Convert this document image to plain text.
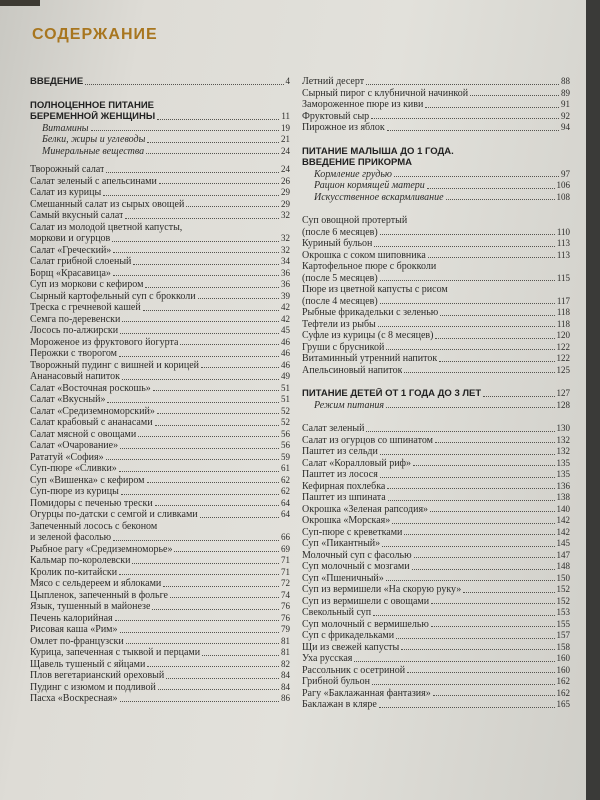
СОДЕРЖАНИЕ
ВВЕДЕНИЕ	4
ПОЛНОЦЕННОЕ ПИТАНИЕ
БЕРЕМЕННОЙ ЖЕНЩИНЫ	11
Витамины	19
Белки, жиры и углеводы	21
Минеральные вещества	24
Творожный салат	24
Салат зеленый с апельсинами	26
Салат из курицы	29
Смешанный салат из сырых овощей	29
Самый вкусный салат	32
Салат из молодой цветной капусты,
моркови и огурцов	32
Салат «Греческий»	32
Салат грибной слоеный	34
Борщ «Красавица»	36
Суп из моркови с кефиром	36
Сырный картофельный суп с брокколи	39
Треска с гречневой кашей	42
Семга по-деревенски	42
Лосось по-алжирски	45
Мороженое из фруктового йогурта	46
Перожки с творогом	46
Творожный пудинг с вишней и корицей	46
Ананасовый напиток	49
Салат «Восточная роскошь»	51
Салат «Вкусный»	51
Салат «Средиземноморский»	52
Салат крабовый с ананасами	52
Салат мясной с овощами	56
Салат «Очарование»	56
Рататуй «София»	59
Суп-пюре «Сливки»	61
Суп «Вишенка» с кефиром	62
Суп-пюре из курицы	62
Помидоры с печенью трески	64
Огурцы по-датски с семгой и сливками	64
Запеченный лосось с беконом
и зеленой фасолью	66
Рыбное рагу «Средиземноморье»	69
Кальмар по-королевски	71
Кролик по-китайски	71
Мясо с сельдереем и яблоками	72
Цыпленок, запеченный в фольге	74
Язык, тушенный в майонезе	76
Печень калорийная	76
Рисовая каша «Рим»	79
Омлет по-французски	81
Курица, запеченная с тыквой и перцами	81
Щавель тушеный с яйцами	82
Плов вегетарианский ореховый	84
Пудинг с изюмом и подливой	84
Пасха «Воскресная»	86
Летний десерт	88
Сырный пирог с клубничной начинкой	89
Замороженное пюре из киви	91
Фруктовый сыр	92
Пирожное из яблок	94
ПИТАНИЕ МАЛЫША ДО 1 ГОДА.
ВВЕДЕНИЕ ПРИКОРМА
Кормление грудью	97
Рацион кормящей матери	106
Искусственное вскармливание	108
Суп овощной протертый
(после 6 месяцев)	110
Куриный бульон	113
Окрошка с соком шиповника	113
Картофельное пюре с брокколи
(после 5 месяцев)	115
Пюре из цветной капусты с рисом
(после 4 месяцев)	117
Рыбные фрикадельки с зеленью	118
Тефтели из рыбы	118
Суфле из курицы (с 8 месяцев)	120
Груши с брусникой	122
Витаминный утренний напиток	122
Апельсиновый напиток	125
ПИТАНИЕ ДЕТЕЙ ОТ 1 ГОДА ДО 3 ЛЕТ	127
Режим питания	128
Салат зеленый	130
Салат из огурцов со шпинатом	132
Паштет из сельди	132
Салат «Коралловый риф»	135
Паштет из лосося	135
Кефирная похлебка	136
Паштет из шпината	138
Окрошка «Зеленая рапсодия»	140
Окрошка «Морская»	142
Суп-пюре с креветками	142
Суп «Пикантный»	145
Молочный суп с фасолью	147
Суп молочный с мозгами	148
Суп «Пшеничный»	150
Суп из вермишели «На скорую руку»	152
Суп из вермишели с овощами	152
Свекольный суп	153
Суп молочный с вермишелью	155
Суп с фрикадельками	157
Щи из свежей капусты	158
Уха русская	160
Рассольник с осетриной	160
Грибной бульон	162
Рагу «Баклажанная фантазия»	162
Баклажан в кляре	165
